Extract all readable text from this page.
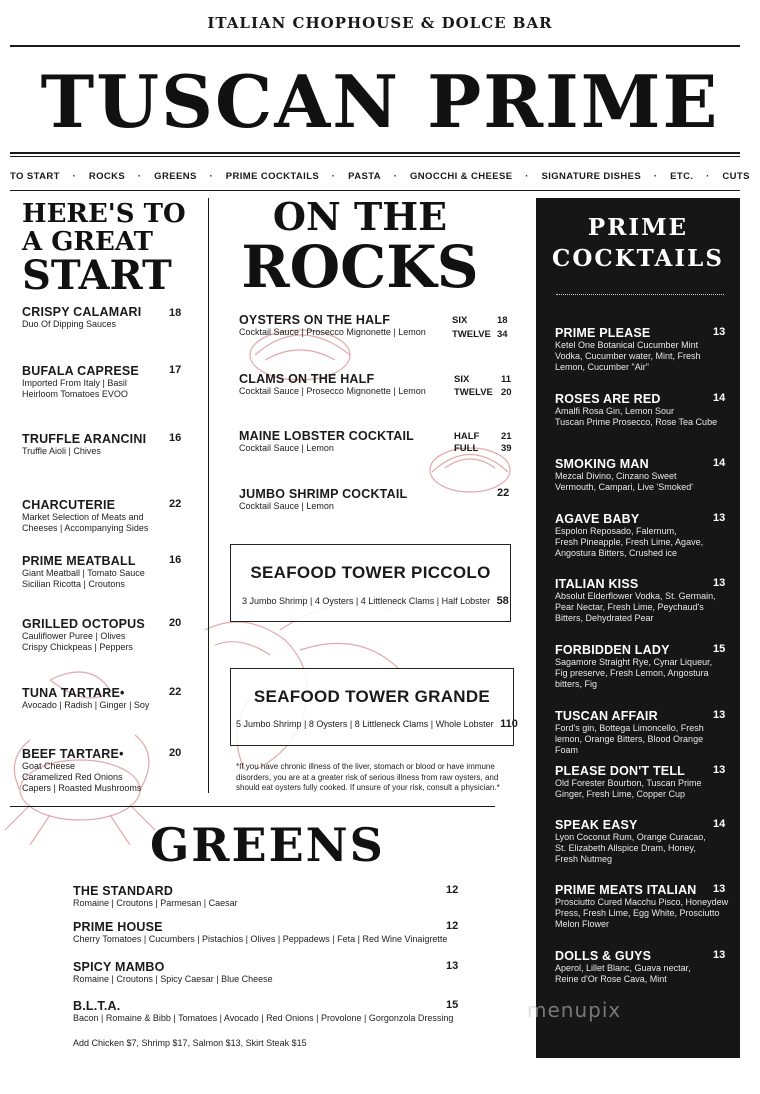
ITALIAN CHOPHOUSE & DOLCE BAR
TUSCAN PRIME
TO START · ROCKS · GREENS · PRIME COCKTAILS · PASTA · GNOCCHI & CHEESE · SIGNATURE DISHES · ETC. · CUTS
HERE'S TO
A GREAT
START
CRISPY CALAMARI	18
Duo Of Dipping Sauces
BUFALA CAPRESE	17
Imported From Italy | Basil
Heirloom Tomatoes EVOO
TRUFFLE ARANCINI	16
Truffle Aioli | Chives
CHARCUTERIE	22
Market Selection of Meats and
Cheeses | Accompanying Sides
PRIME MEATBALL	16
Giant Meatball | Tomato Sauce
Sicilian Ricotta | Croutons
GRILLED OCTOPUS	20
Cauliflower Puree | Olives
Crispy Chickpeas | Peppers
TUNA TARTARE•	22
Avocado | Radish | Ginger | Soy
BEEF TARTARE•	20
Goat Cheese
Caramelized Red Onions
Capers | Roasted Mushrooms
ON THE
ROCKS
OYSTERS ON THE HALF
Cocktail Sauce | Prosecco Mignonette | Lemon
SIX	18
TWELVE 34
CLAMS ON THE HALF
Cocktail Sauce | Prosecco Mignonette | Lemon
SIX	11
TWELVE 20
MAINE LOBSTER COCKTAIL
Cocktail Sauce | Lemon
HALF 21
FULL 39
JUMBO SHRIMP COCKTAIL
Cocktail Sauce | Lemon
22
SEAFOOD TOWER PICCOLO
3 Jumbo Shrimp | 4 Oysters | 4 Littleneck Clams | Half Lobster 58
SEAFOOD TOWER GRANDE
5 Jumbo Shrimp | 8 Oysters | 8 Littleneck Clams | Whole Lobster 110
*If you have chronic illness of the liver, stomach or blood or have immune
disorders, you are at a greater risk of serious illness from raw oysters, and
should eat oysters fully cooked. If unsure of your risk, consult a physician.*
GREENS
THE STANDARD
Romaine | Croutons | Parmesan | Caesar
12
PRIME HOUSE
Cherry Tomatoes | Cucumbers | Pistachios | Olives | Peppadews | Feta | Red Wine Vinaigrette
12
SPICY MAMBO
Romaine | Croutons | Spicy Caesar | Blue Cheese
13
B.L.T.A.
Bacon | Romaine & Bibb | Tomatoes | Avocado | Red Onions | Provolone | Gorgonzola Dressing
15
Add Chicken $7, Shrimp $17, Salmon $13, Skirt Steak $15
PRIME
COCKTAILS
PRIME PLEASE	13
Ketel One Botanical Cucumber Mint
Vodka, Cucumber water, Mint, Fresh
Lemon, Cucumber "Air"
ROSES ARE RED	14
Amalfi Rosa Gin, Lemon Sour
Tuscan Prime Prosecco, Rose Tea Cube
SMOKING MAN	14
Mezcal Divino, Cinzano Sweet
Vermouth, Campari, Live 'Smoked'
AGAVE BABY	13
Espolon Reposado, Falernum,
Fresh Pineapple, Fresh Lime, Agave,
Angostura Bitters, Crushed ice
ITALIAN KISS	13
Absolut Elderflower Vodka, St. Germain,
Pear Nectar, Fresh Lime, Peychaud's
Bitters, Dehydrated Pear
FORBIDDEN LADY	15
Sagamore Straight Rye, Cynar Liqueur,
Fig preserve, Fresh Lemon, Angostura
bitters, Fig
TUSCAN AFFAIR	13
Ford's gin, Bottega Limoncello, Fresh
lemon, Orange Bitters, Blood Orange Foam
PLEASE DON'T TELL	13
Old Forester Bourbon, Tuscan Prime
Ginger, Fresh Lime, Copper Cup
SPEAK EASY	14
Lyon Coconut Rum, Orange Curacao,
St. Elizabeth Allspice Dram, Honey,
Fresh Nutmeg
PRIME MEATS ITALIAN	13
Prosciutto Cured Macchu Pisco, Honeydew
Press, Fresh Lime, Egg White, Prosciutto
Melon Flower
DOLLS & GUYS	13
Aperol, Lillet Blanc, Guava nectar,
Reine d'Or Rose Cava, Mint
menupix
